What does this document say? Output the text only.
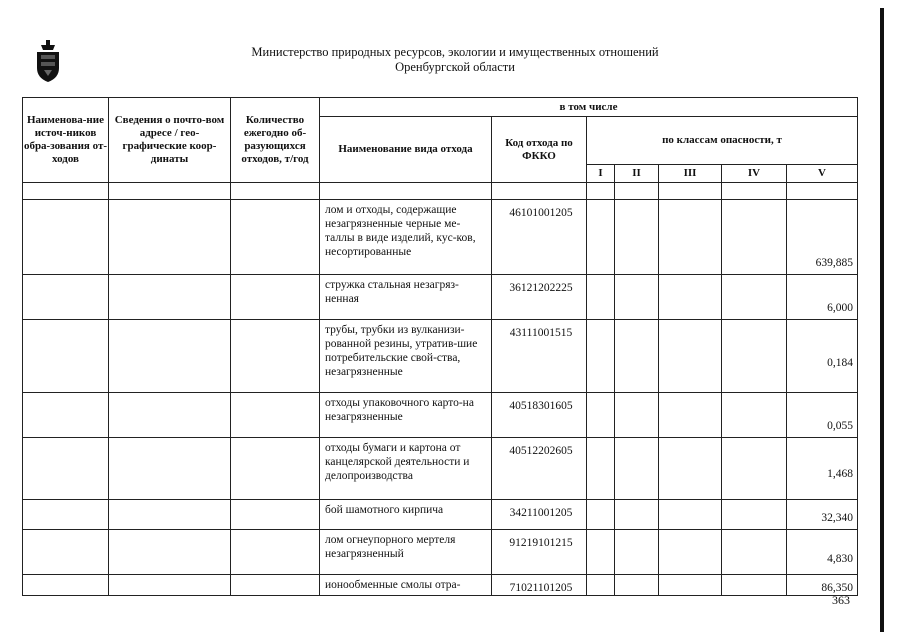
Министерство природных ресурсов, экологии и имущественных отношений
Оренбургской области
Наименова-ние источ-ников обра-зования от-ходов	Сведения о почто-вом адресе / гео-графические коор-динаты	Количество ежегодно об-разующихся отходов, т/год	в том числе						
			Наименование вида отхода	Код отхода по ФККО	по классам опасности, т				
					I	II	III	IV	V

			лом и отходы, содержащие незагрязненные черные ме-таллы в виде изделий, кус-ков, несортированные	46101001205					639,885
			стружка стальная незагряз-ненная	36121202225					6,000
			трубы, трубки из вулканизи-рованной резины, утратив-шие потребительские свой-ства, незагрязненные	43111001515					0,184
			отходы упаковочного карто-на незагрязненные	40518301605					0,055
			отходы бумаги и картона от канцелярской деятельности и делопроизводства	40512202605					1,468
			бой шамотного кирпича	34211001205					32,340
			лом огнеупорного мертеля незагрязненный	91219101215					4,830
			ионообменные смолы отра-	71021101205					86,350
363
